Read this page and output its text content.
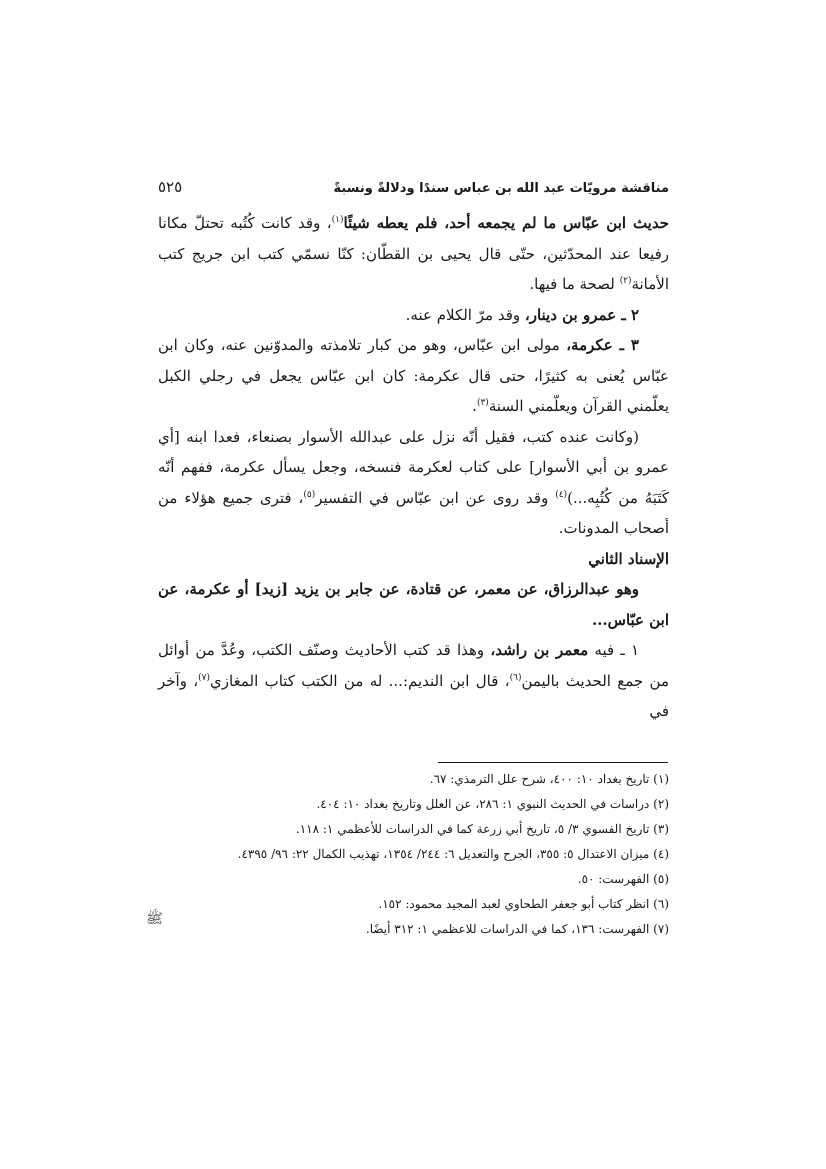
مناقشة مرويّات عبد الله بن عباس سندًا ودلالةً ونسبةً
٥٢٥

حديث ابن عبّاس ما لم يجمعه أحد، فلم يعطه شيئًا$^{(١)}$، وقد كانت كُتُبه تحتلّ مكانا رفيعا عند المحدّثين، حتّى قال يحيى بن القطّان: كنّا نسمّي كتب ابن جريج كتب الأمانة$^{(٢)}$ لصحة ما فيها.

٢ ـ عمرو بن دينار، وقد مرّ الكلام عنه.

٣ ـ عكرمة، مولى ابن عبّاس، وهو من كبار تلامذته والمدوّنين عنه، وكان ابن عبّاس يُعنى به كثيرًا، حتى قال عكرمة: كان ابن عبّاس يجعل في رجلي الكبل يعلّمني القرآن ويعلّمني السنة$^{(٣)}$.

(وكانت عنده كتب، فقيل أنّه نزل على عبدالله الأسوار بصنعاء، فعدا ابنه [أي عمرو بن أبي الأسوار] على كتاب لعكرمة فنسخه، وجعل يسأل عكرمة، ففهم أنّه كَتَبَهُ من كُتُبِه...)$^{(٤)}$ وقد روى عن ابن عبّاس في التفسير$^{(٥)}$، فترى جميع هؤلاء من أصحاب المدونات.

الإسناد الثاني

وهو عبدالرزاق، عن معمر، عن قتادة، عن جابر بن يزيد [زيد] أو عكرمة، عن ابن عبّاس...

١ ـ فيه معمر بن راشد، وهذا قد كتب الأحاديث وصنّف الكتب، وعُدَّ من أوائل من جمع الحديث باليمن$^{(٦)}$، قال ابن النديم:... له من الكتب كتاب المغازي$^{(٧)}$، وآخر في

(١) تاريخ بغداد ١٠: ٤٠٠، شرح علل الترمذي: ٦٧.
(٢) دراسات في الحديث النبوي ١: ٢٨٦، عن العلل وتاريخ بغداد ١٠: ٤٠٤.
(٣) تاريخ الفسوي ٣/ ٥، تاريخ أبي زرعة كما في الدراسات للأعظمي ١: ١١٨.
(٤) ميزان الاعتدال ٥: ٣٥٥، الجرح والتعديل ٦: ٢٤٤/ ١٣٥٤، تهذيب الكمال ٢٢: ٩٦/ ٤٣٩٥.
(٥) الفهرست: ٥٠.
(٦) انظر كتاب أبو جعفر الطحاوي لعبد المجيد محمود: ١٥٢.
(٧) الفهرست: ١٣٦، كما في الدراسات للاعظمي ١: ٣١٢ أيضًا.
ﷺ
